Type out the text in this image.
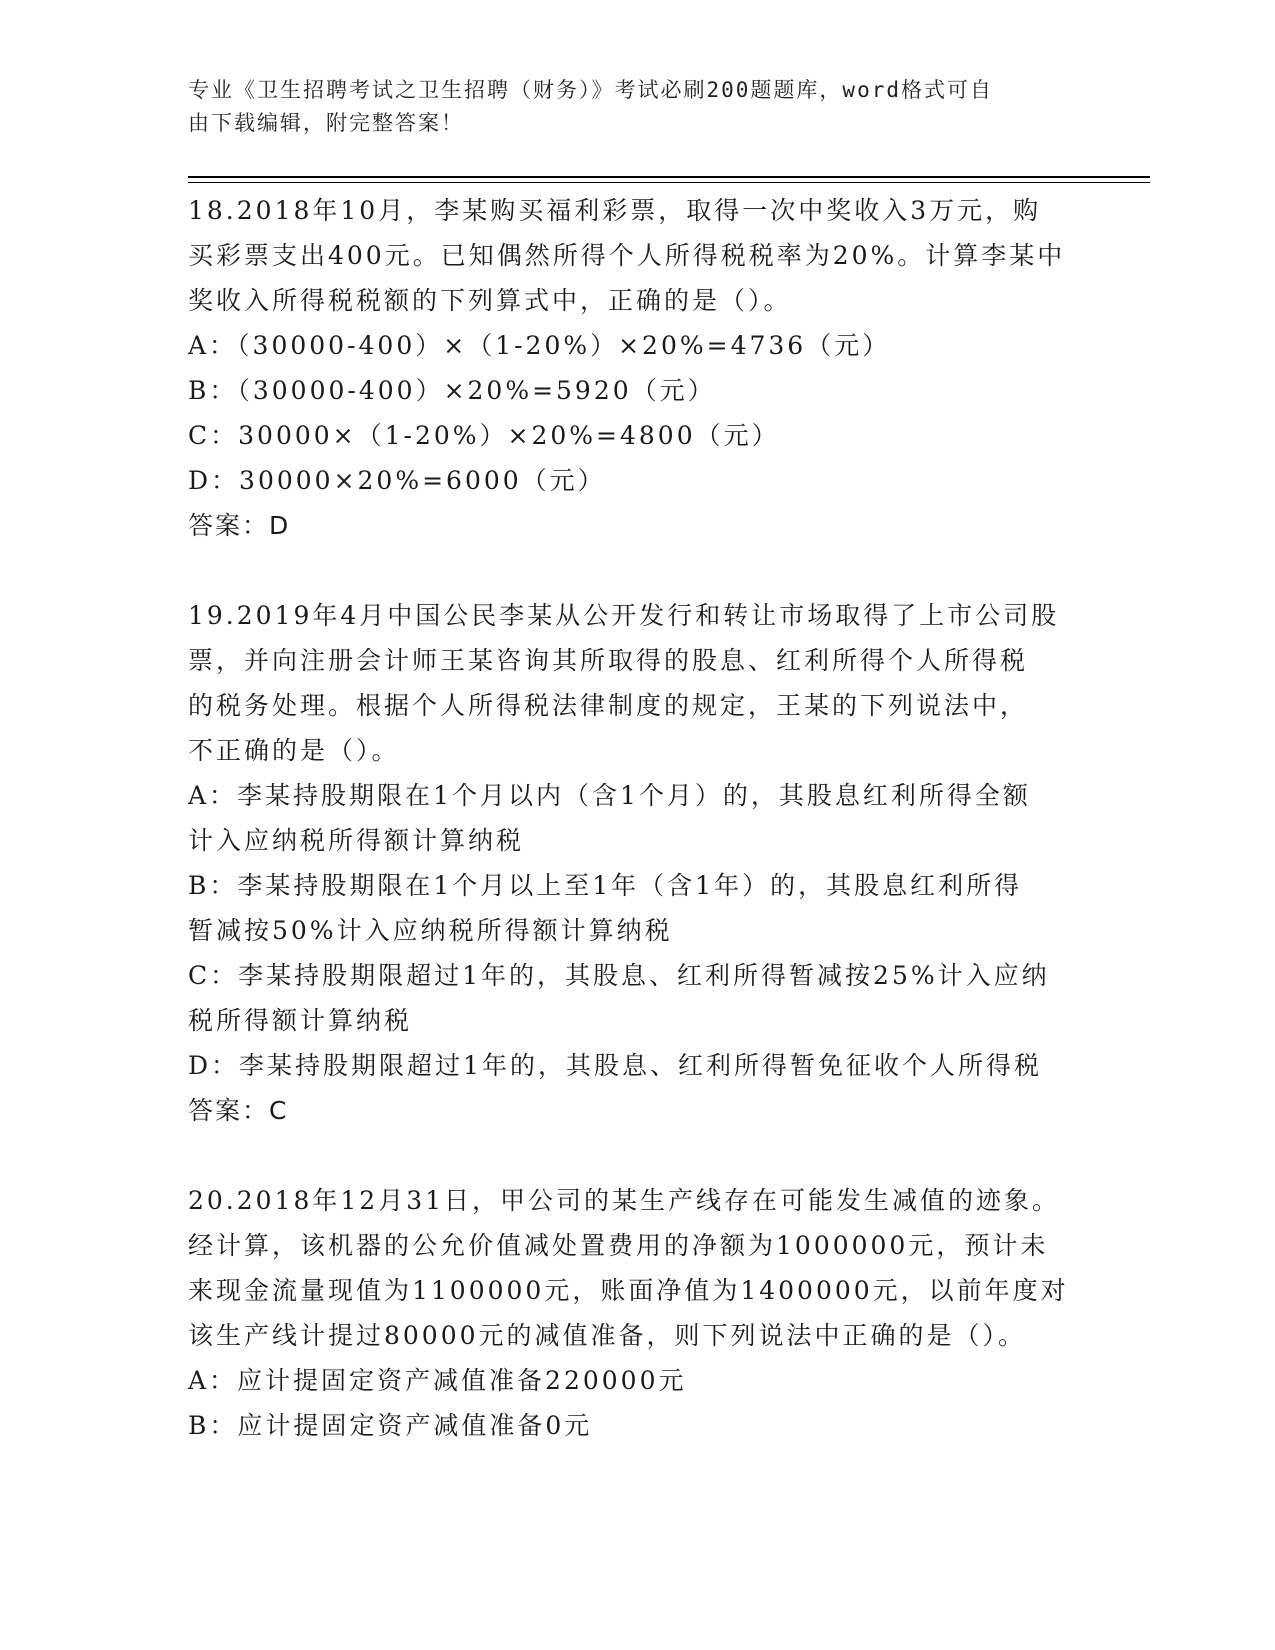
专业《卫生招聘考试之卫生招聘（财务）》考试必刷200题题库，word格式可自
由下载编辑，附完整答案！
18.2018年10月，李某购买福利彩票，取得一次中奖收入3万元，购
买彩票支出400元。已知偶然所得个人所得税税率为20%。计算李某中
奖收入所得税税额的下列算式中，正确的是（）。
A：（30000-400）×（1-20%）×20%=4736（元）
B：（30000-400）×20%=5920（元）
C：30000×（1-20%）×20%=4800（元）
D：30000×20%=6000（元）
答案：D
19.2019年4月中国公民李某从公开发行和转让市场取得了上市公司股
票，并向注册会计师王某咨询其所取得的股息、红利所得个人所得税
的税务处理。根据个人所得税法律制度的规定，王某的下列说法中，
不正确的是（）。
A：李某持股期限在1个月以内（含1个月）的，其股息红利所得全额
计入应纳税所得额计算纳税
B：李某持股期限在1个月以上至1年（含1年）的，其股息红利所得
暂减按50%计入应纳税所得额计算纳税
C：李某持股期限超过1年的，其股息、红利所得暂减按25%计入应纳
税所得额计算纳税
D：李某持股期限超过1年的，其股息、红利所得暂免征收个人所得税
答案：C
20.2018年12月31日，甲公司的某生产线存在可能发生减值的迹象。
经计算，该机器的公允价值减处置费用的净额为1000000元，预计未
来现金流量现值为1100000元，账面净值为1400000元，以前年度对
该生产线计提过80000元的减值准备，则下列说法中正确的是（）。
A：应计提固定资产减值准备220000元
B：应计提固定资产减值准备0元
